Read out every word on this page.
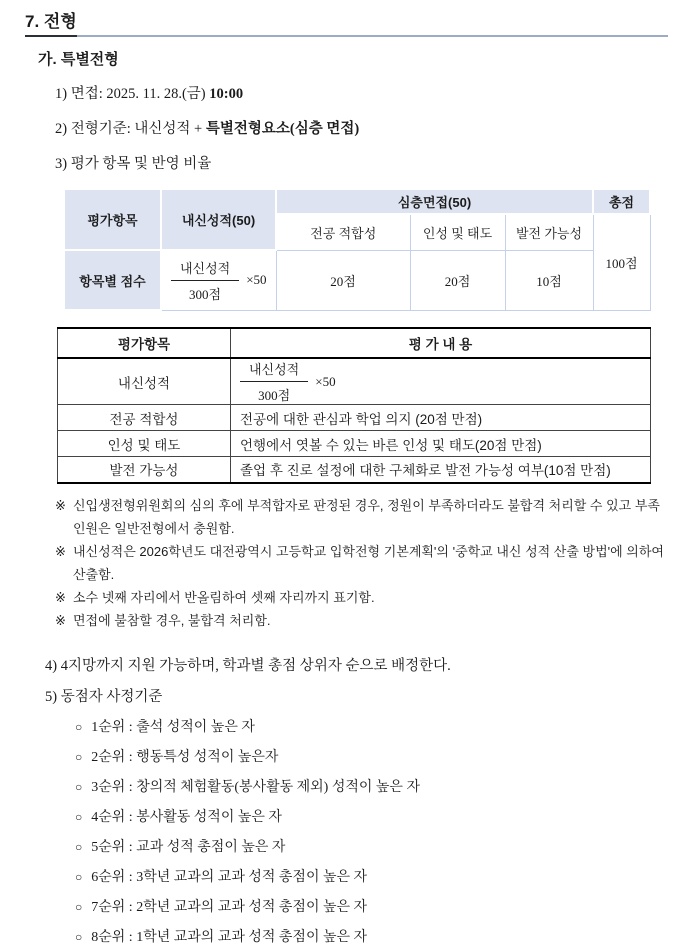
7. 전형
가. 특별전형
1) 면접: 2025. 11. 28.(금) 10:00
2) 전형기준: 내신성적 + 특별전형요소(심층 면접)
3) 평가 항목 및 반영 비율
평가항목	내신성적(50)	심층면접(50)			총점
		전공 적합성	인성 및 태도	발전 가능성	100점
항목별 점수	$\frac{\text{내신성적}}{\text{300점}} \times 50$	20점	20점	10점	
평가항목	평 가 내 용
내신성적	$\frac{\text{내신성적}}{\text{300점}} \times 50$

전공 적합성	전공에 대한 관심과 학업 의지 (20점 만점)
인성 및 태도	언행에서 엿볼 수 있는 바른 인성 및 태도(20점 만점)
발전 가능성	졸업 후 진로 설정에 대한 구체화로 발전 가능성 여부(10점 만점)
※ 신입생전형위원회의 심의 후에 부적합자로 판정된 경우, 정원이 부족하더라도 불합격 처리할 수 있고 부족 인원은 일반전형에서 충원함.
※ 내신성적은 2026학년도 대전광역시 고등학교 입학전형 기본계획'의 '중학교 내신 성적 산출 방법'에 의하여 산출함.
※ 소수 넷째 자리에서 반올림하여 셋째 자리까지 표기함.
※ 면접에 불참할 경우, 불합격 처리함.
4) 4지망까지 지원 가능하며, 학과별 총점 상위자 순으로 배정한다.
5) 동점자 사정기준
○ 1순위 : 출석 성적이 높은 자
○ 2순위 : 행동특성 성적이 높은자
○ 3순위 : 창의적 체험활동(봉사활동 제외) 성적이 높은 자
○ 4순위 : 봉사활동 성적이 높은 자
○ 5순위 : 교과 성적 총점이 높은 자
○ 6순위 : 3학년 교과의 교과 성적 총점이 높은 자
○ 7순위 : 2학년 교과의 교과 성적 총점이 높은 자
○ 8순위 : 1학년 교과의 교과 성적 총점이 높은 자
